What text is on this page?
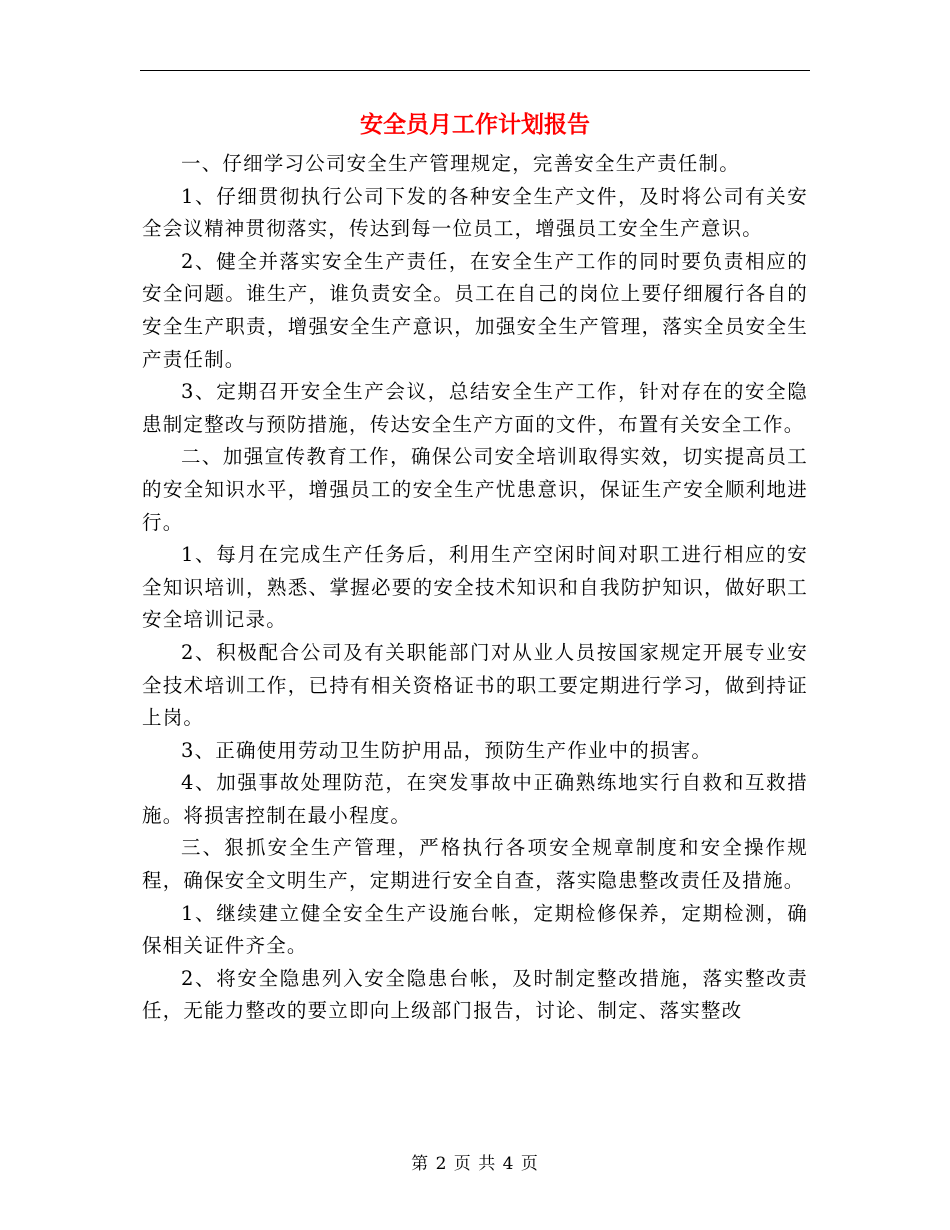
安全员月工作计划报告

一、仔细学习公司安全生产管理规定，完善安全生产责任制。

1、仔细贯彻执行公司下发的各种安全生产文件，及时将公司有关安全会议精神贯彻落实，传达到每一位员工，增强员工安全生产意识。

2、健全并落实安全生产责任，在安全生产工作的同时要负责相应的安全问题。谁生产，谁负责安全。员工在自己的岗位上要仔细履行各自的安全生产职责，增强安全生产意识，加强安全生产管理，落实全员安全生产责任制。

3、定期召开安全生产会议，总结安全生产工作，针对存在的安全隐患制定整改与预防措施，传达安全生产方面的文件，布置有关安全工作。

二、加强宣传教育工作，确保公司安全培训取得实效，切实提高员工的安全知识水平，增强员工的安全生产忧患意识，保证生产安全顺利地进行。

1、每月在完成生产任务后，利用生产空闲时间对职工进行相应的安全知识培训，熟悉、掌握必要的安全技术知识和自我防护知识，做好职工安全培训记录。

2、积极配合公司及有关职能部门对从业人员按国家规定开展专业安全技术培训工作，已持有相关资格证书的职工要定期进行学习，做到持证上岗。

3、正确使用劳动卫生防护用品，预防生产作业中的损害。

4、加强事故处理防范，在突发事故中正确熟练地实行自救和互救措施。将损害控制在最小程度。

三、狠抓安全生产管理，严格执行各项安全规章制度和安全操作规程，确保安全文明生产，定期进行安全自查，落实隐患整改责任及措施。

1、继续建立健全安全生产设施台帐，定期检修保养，定期检测，确保相关证件齐全。

2、将安全隐患列入安全隐患台帐，及时制定整改措施，落实整改责任，无能力整改的要立即向上级部门报告，讨论、制定、落实整改

第 2 页 共 4 页
